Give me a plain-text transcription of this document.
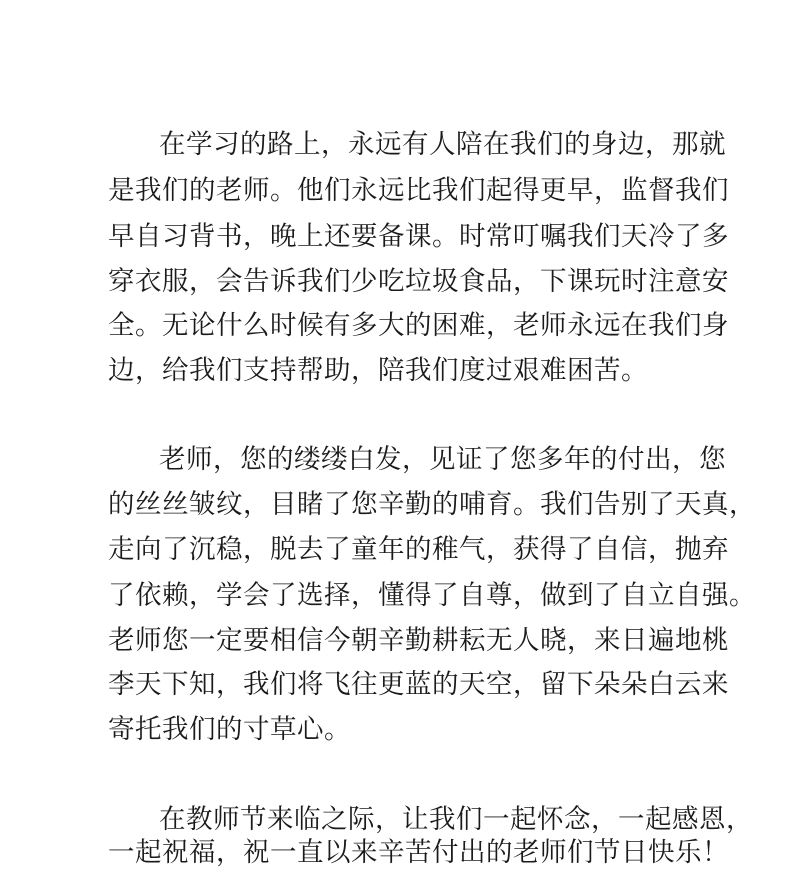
在学习的路上，永远有人陪在我们的身边，那就
是我们的老师。他们永远比我们起得更早，监督我们
早自习背书，晚上还要备课。时常叮嘱我们天冷了多
穿衣服，会告诉我们少吃垃圾食品，下课玩时注意安
全。无论什么时候有多大的困难，老师永远在我们身
边，给我们支持帮助，陪我们度过艰难困苦。
老师，您的缕缕白发，见证了您多年的付出，您
的丝丝皱纹，目睹了您辛勤的哺育。我们告别了天真，
走向了沉稳，脱去了童年的稚气，获得了自信，抛弃
了依赖，学会了选择，懂得了自尊，做到了自立自强。
老师您一定要相信今朝辛勤耕耘无人晓，来日遍地桃
李天下知，我们将飞往更蓝的天空，留下朵朵白云来
寄托我们的寸草心。
在教师节来临之际，让我们一起怀念，一起感恩，
一起祝福，祝一直以来辛苦付出的老师们节日快乐！
